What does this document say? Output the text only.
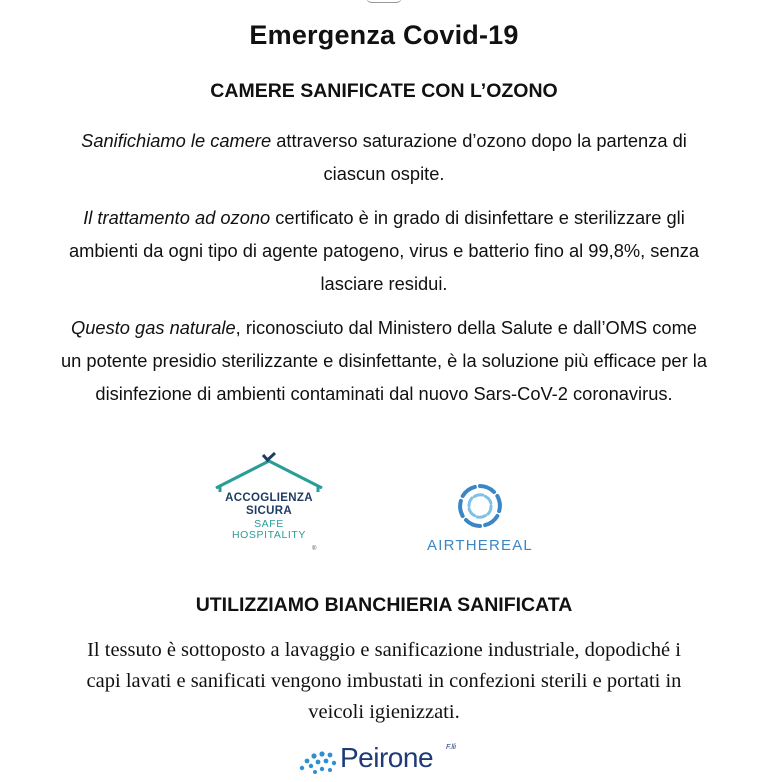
Emergenza Covid-19
CAMERE SANIFICATE CON L’OZONO

Sanifichiamo le camere attraverso saturazione d’ozono dopo la partenza di ciascun ospite.

Il trattamento ad ozono certificato è in grado di disinfettare e sterilizzare gli ambienti da ogni tipo di agente patogeno, virus e batterio fino al 99,8%, senza lasciare residui.

Questo gas naturale, riconosciuto dal Ministero della Salute e dall’OMS come un potente presidio sterilizzante e disinfettante, è la soluzione più efficace per la disinfezione di ambienti contaminati dal nuovo Sars-CoV-2 coronavirus.

ACCOGLIENZA
SICURA
SAFE
HOSPITALITY
®	AIRTHEREAL
UTILIZZIAMO BIANCHIERIA SANIFICATA

Il tessuto è sottoposto a lavaggio e sanificazione industriale, dopodiché i capi lavati e sanificati vengono imbustati in confezioni sterili e portati in veicoli igienizzati.

Peirone F.lli
